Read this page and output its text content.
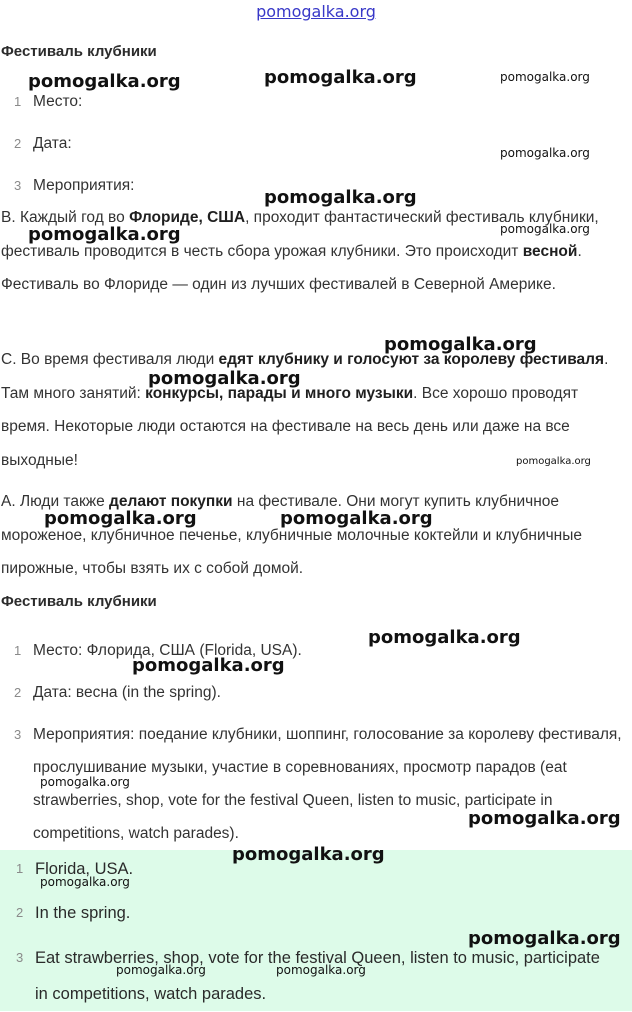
pomogalka.org
Фестиваль клубники
1 Место:
2 Дата:
3 Мероприятия:
B. Каждый год во Флориде, США, проходит фантастический фестиваль клубники, фестиваль проводится в честь сбора урожая клубники. Это происходит весной. Фестиваль во Флориде — один из лучших фестивалей в Северной Америке.
C. Во время фестиваля люди едят клубнику и голосуют за королеву фестиваля. Там много занятий: конкурсы, парады и много музыки. Все хорошо проводят время. Некоторые люди остаются на фестивале на весь день или даже на все выходные!
A. Люди также делают покупки на фестивале. Они могут купить клубничное мороженое, клубничное печенье, клубничные молочные коктейли и клубничные пирожные, чтобы взять их с собой домой.
Фестиваль клубники
1 Место: Флорида, США (Florida, USA).
2 Дата: весна (in the spring).
3 Мероприятия: поедание клубники, шоппинг, голосование за королеву фестиваля, прослушивание музыки, участие в соревнованиях, просмотр парадов (eat strawberries, shop, vote for the festival Queen, listen to music, participate in competitions, watch parades).
1 Florida, USA.
2 In the spring.
3 Eat strawberries, shop, vote for the festival Queen, listen to music, participate in competitions, watch parades.
pomogalka.org	pomogalka.org	pomogalka.org
pomogalka.org
pomogalka.org
pomogalka.org	pomogalka.org
pomogalka.org
pomogalka.org
pomogalka.org
pomogalka.org	pomogalka.org
pomogalka.org
pomogalka.org
pomogalka.org
pomogalka.org
pomogalka.org
pomogalka.org
pomogalka.org
pomogalka.org	pomogalka.org
